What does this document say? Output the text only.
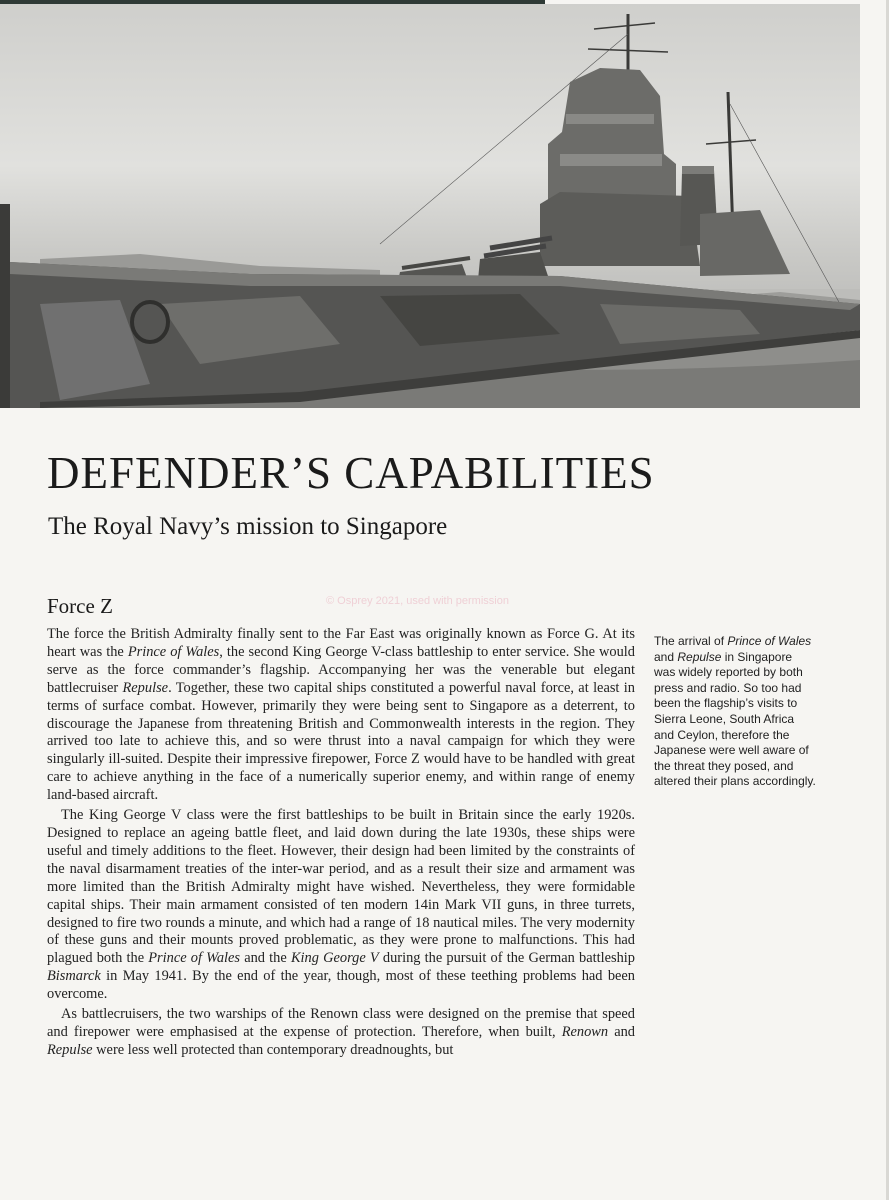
DEFENDER’S CAPABILITIES
The Royal Navy’s mission to Singapore
© Osprey 2021, used with permission
Force Z

The force the British Admiralty finally sent to the Far East was originally known as Force G. At its heart was the Prince of Wales, the second King George V-class battleship to enter service. She would serve as the force commander’s flagship. Accompanying her was the venerable but elegant battlecruiser Repulse. Together, these two capital ships constituted a powerful naval force, at least in terms of surface combat. However, primarily they were being sent to Singapore as a deterrent, to discourage the Japanese from threatening British and Commonwealth interests in the region. They arrived too late to achieve this, and so were thrust into a naval campaign for which they were singularly ill-suited. Despite their impressive firepower, Force Z would have to be handled with great care to achieve anything in the face of a numerically superior enemy, and within range of enemy land-based aircraft.

The King George V class were the first battleships to be built in Britain since the early 1920s. Designed to replace an ageing battle fleet, and laid down during the late 1930s, these ships were useful and timely additions to the fleet. However, their design had been limited by the constraints of the naval disarmament treaties of the inter-war period, and as a result their size and armament was more limited than the British Admiralty might have wished. Nevertheless, they were formidable capital ships. Their main armament consisted of ten modern 14in Mark VII guns, in three turrets, designed to fire two rounds a minute, and which had a range of 18 nautical miles. The very modernity of these guns and their mounts proved problematic, as they were prone to malfunctions. This had plagued both the Prince of Wales and the King George V during the pursuit of the German battleship Bismarck in May 1941. By the end of the year, though, most of these teething problems had been overcome.

As battlecruisers, the two warships of the Renown class were designed on the premise that speed and firepower were emphasised at the expense of protection. Therefore, when built, Renown and Repulse were less well protected than contemporary dreadnoughts, but

The arrival of Prince of Wales and Repulse in Singapore was widely reported by both press and radio. So too had been the flagship’s visits to Sierra Leone, South Africa and Ceylon, therefore the Japanese were well aware of the threat they posed, and altered their plans accordingly.
